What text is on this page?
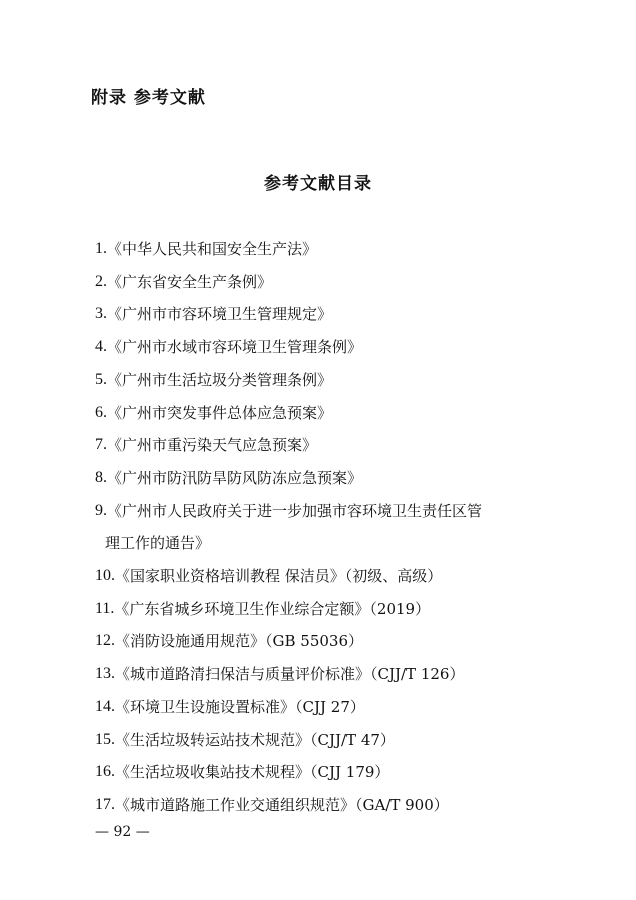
附录 参考文献
参考文献目录
1. 《中华人民共和国安全生产法》
2. 《广东省安全生产条例》
3. 《广州市市容环境卫生管理规定》
4. 《广州市水域市容环境卫生管理条例》
5. 《广州市生活垃圾分类管理条例》
6. 《广州市突发事件总体应急预案》
7. 《广州市重污染天气应急预案》
8. 《广州市防汛防旱防风防冻应急预案》
9. 《广州市人民政府关于进一步加强市容环境卫生责任区管
理工作的通告》
10. 《国家职业资格培训教程 保洁员》（初级、高级）
11. 《广东省城乡环境卫生作业综合定额》（2019）
12. 《消防设施通用规范》（GB 55036）
13. 《城市道路清扫保洁与质量评价标准》（CJJ/T 126）
14. 《环境卫生设施设置标准》（CJJ 27）
15. 《生活垃圾转运站技术规范》（CJJ/T 47）
16. 《生活垃圾收集站技术规程》（CJJ 179）
17. 《城市道路施工作业交通组织规范》（GA/T 900）
— 92 —
